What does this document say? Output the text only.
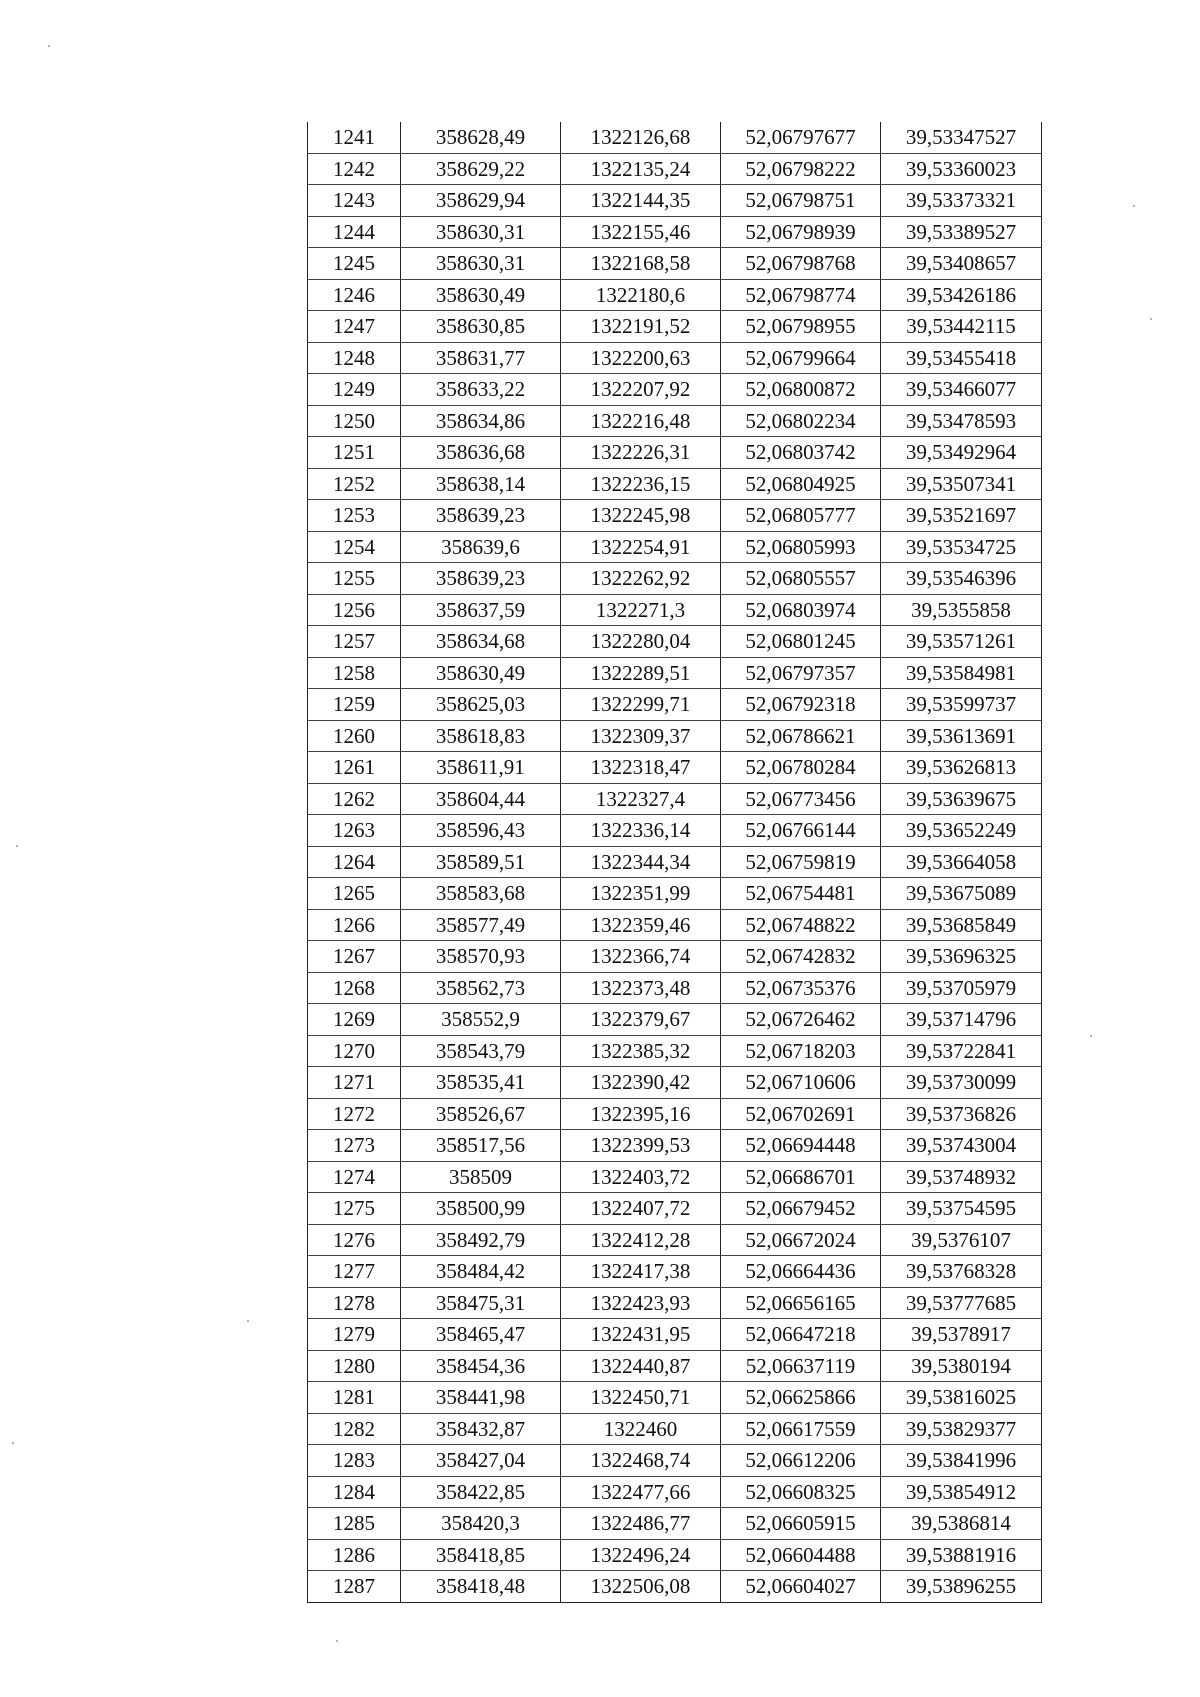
1241	358628,49	1322126,68	52,06797677	39,53347527
1242	358629,22	1322135,24	52,06798222	39,53360023
1243	358629,94	1322144,35	52,06798751	39,53373321
1244	358630,31	1322155,46	52,06798939	39,53389527
1245	358630,31	1322168,58	52,06798768	39,53408657
1246	358630,49	1322180,6	52,06798774	39,53426186
1247	358630,85	1322191,52	52,06798955	39,53442115
1248	358631,77	1322200,63	52,06799664	39,53455418
1249	358633,22	1322207,92	52,06800872	39,53466077
1250	358634,86	1322216,48	52,06802234	39,53478593
1251	358636,68	1322226,31	52,06803742	39,53492964
1252	358638,14	1322236,15	52,06804925	39,53507341
1253	358639,23	1322245,98	52,06805777	39,53521697
1254	358639,6	1322254,91	52,06805993	39,53534725
1255	358639,23	1322262,92	52,06805557	39,53546396
1256	358637,59	1322271,3	52,06803974	39,5355858
1257	358634,68	1322280,04	52,06801245	39,53571261
1258	358630,49	1322289,51	52,06797357	39,53584981
1259	358625,03	1322299,71	52,06792318	39,53599737
1260	358618,83	1322309,37	52,06786621	39,53613691
1261	358611,91	1322318,47	52,06780284	39,53626813
1262	358604,44	1322327,4	52,06773456	39,53639675
1263	358596,43	1322336,14	52,06766144	39,53652249
1264	358589,51	1322344,34	52,06759819	39,53664058
1265	358583,68	1322351,99	52,06754481	39,53675089
1266	358577,49	1322359,46	52,06748822	39,53685849
1267	358570,93	1322366,74	52,06742832	39,53696325
1268	358562,73	1322373,48	52,06735376	39,53705979
1269	358552,9	1322379,67	52,06726462	39,53714796
1270	358543,79	1322385,32	52,06718203	39,53722841
1271	358535,41	1322390,42	52,06710606	39,53730099
1272	358526,67	1322395,16	52,06702691	39,53736826
1273	358517,56	1322399,53	52,06694448	39,53743004
1274	358509	1322403,72	52,06686701	39,53748932
1275	358500,99	1322407,72	52,06679452	39,53754595
1276	358492,79	1322412,28	52,06672024	39,5376107
1277	358484,42	1322417,38	52,06664436	39,53768328
1278	358475,31	1322423,93	52,06656165	39,53777685
1279	358465,47	1322431,95	52,06647218	39,5378917
1280	358454,36	1322440,87	52,06637119	39,5380194
1281	358441,98	1322450,71	52,06625866	39,53816025
1282	358432,87	1322460	52,06617559	39,53829377
1283	358427,04	1322468,74	52,06612206	39,53841996
1284	358422,85	1322477,66	52,06608325	39,53854912
1285	358420,3	1322486,77	52,06605915	39,5386814
1286	358418,85	1322496,24	52,06604488	39,53881916
1287	358418,48	1322506,08	52,06604027	39,53896255
